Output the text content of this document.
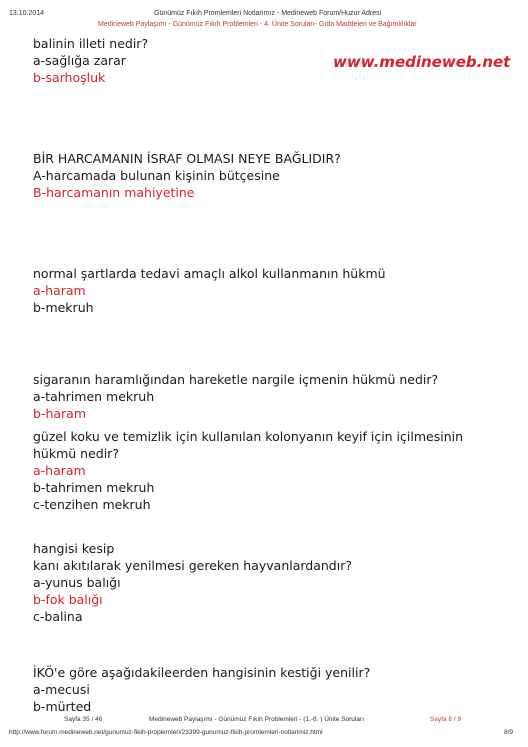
13.10.2014	Günümüz Fıkıh Promlemleri Notlarımız - Medineweb Forum/Huzur Adresi
Medineweb Paylaşımı - Günümüz Fıkıh Problemleri - 4. Ünite Soruları- Gıda Maddeleri ve Bağımlılıklar
www.medineweb.net
balinin illeti nedir?
a-sağlığa zarar
b-sarhoşluk
BİR HARCAMANIN İSRAF OLMASI NEYE BAĞLIDIR?
A-harcamada bulunan kişinin bütçesine
B-harcamanın mahiyetine
normal şartlarda tedavi amaçlı alkol kullanmanın hükmü
a-haram
b-mekruh
sigaranın haramlığından hareketle nargile içmenin hükmü nedir?
a-tahrimen mekruh
b-haram
güzel koku ve temizlik için kullanılan kolonyanın keyif için içilmesinin
hükmü nedir?
a-haram
b-tahrimen mekruh
c-tenzihen mekruh
hangisi kesip
kanı akıtılarak yenilmesi gereken hayvanlardandır?
a-yunus balığı
b-fok balığı
c-balina
İKÖ'e göre aşağıdakileerden hangisinin kestiği yenilir?
a-mecusi
b-mürted
Sayfa 35 / 46	Medineweb Paylaşımı - Günümüz Fıkıh Problemleri - (1.-6. ) Ünite Soruları	Sayfa 8 / 9
http://www.forum.medineweb.net/gunumuz-fikih-proplemleri/23399-gunumuz-fikih-promlemleri-notlarimiz.html	8/9
